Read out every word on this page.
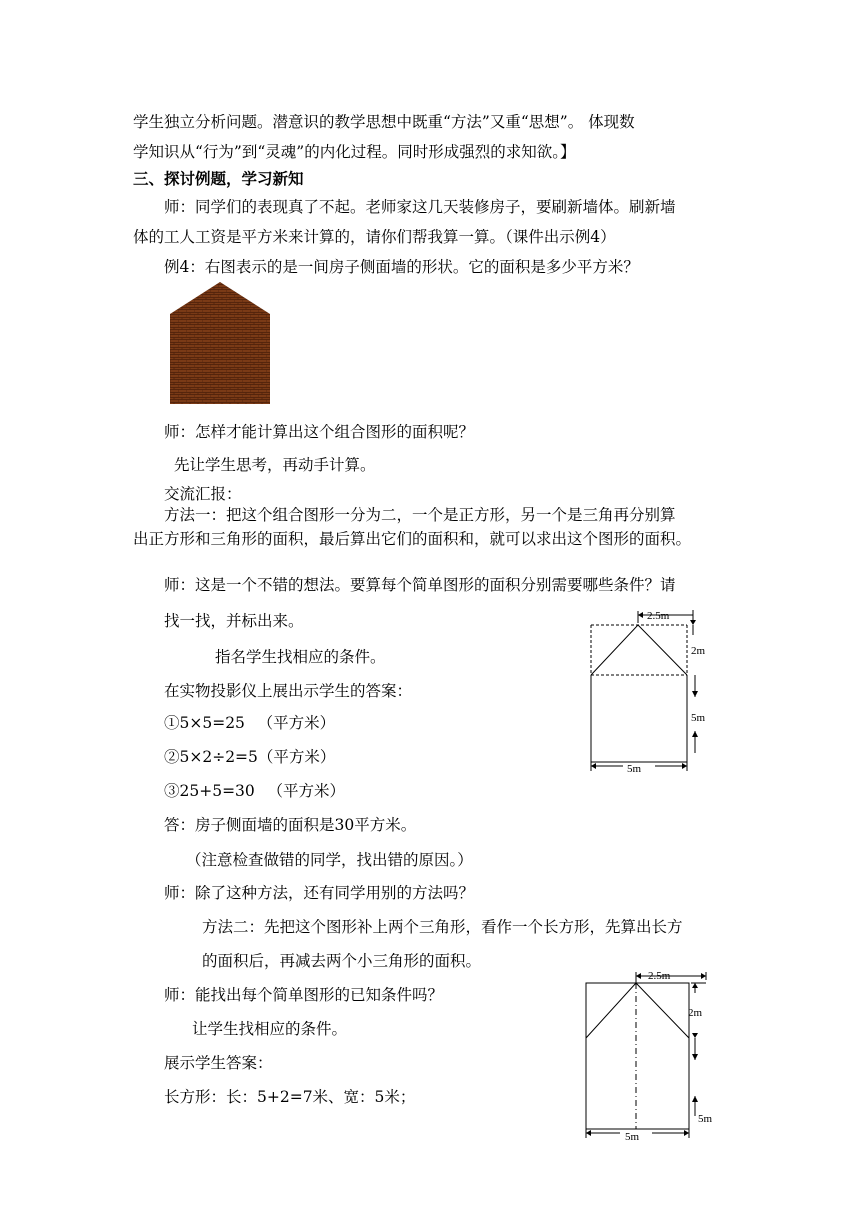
学生独立分析问题。潜意识的教学思想中既重“方法”又重“思想”。 体现数
学知识从“行为”到“灵魂”的内化过程。同时形成强烈的求知欲。】
三、探讨例题，学习新知
师：同学们的表现真了不起。老师家这几天装修房子，要刷新墙体。刷新墙
体的工人工资是平方米来计算的，请你们帮我算一算。（课件出示例4）
例4：右图表示的是一间房子侧面墙的形状。它的面积是多少平方米？
师：怎样才能计算出这个组合图形的面积呢？
先让学生思考，再动手计算。
交流汇报：
方法一：把这个组合图形一分为二，一个是正方形，另一个是三角再分别算
出正方形和三角形的面积，最后算出它们的面积和，就可以求出这个图形的面积。
师：这是一个不错的想法。要算每个简单图形的面积分别需要哪些条件？请
找一找，并标出来。
指名学生找相应的条件。
在实物投影仪上展出示学生的答案：
①5×5=25 　（平方米）
②5×2÷2=5（平方米）
③25+5=30 　（平方米）
答：房子侧面墙的面积是30平方米。
（注意检查做错的同学，找出错的原因。）
师：除了这种方法，还有同学用别的方法吗？
方法二：先把这个图形补上两个三角形，看作一个长方形，先算出长方
的面积后，再减去两个小三角形的面积。
师：能找出每个简单图形的已知条件吗？
让学生找相应的条件。
展示学生答案：
长方形：长：5+2=7米、宽：5米；
2.5m
2m
5m
5m
2.5m
2m
5m
5m
